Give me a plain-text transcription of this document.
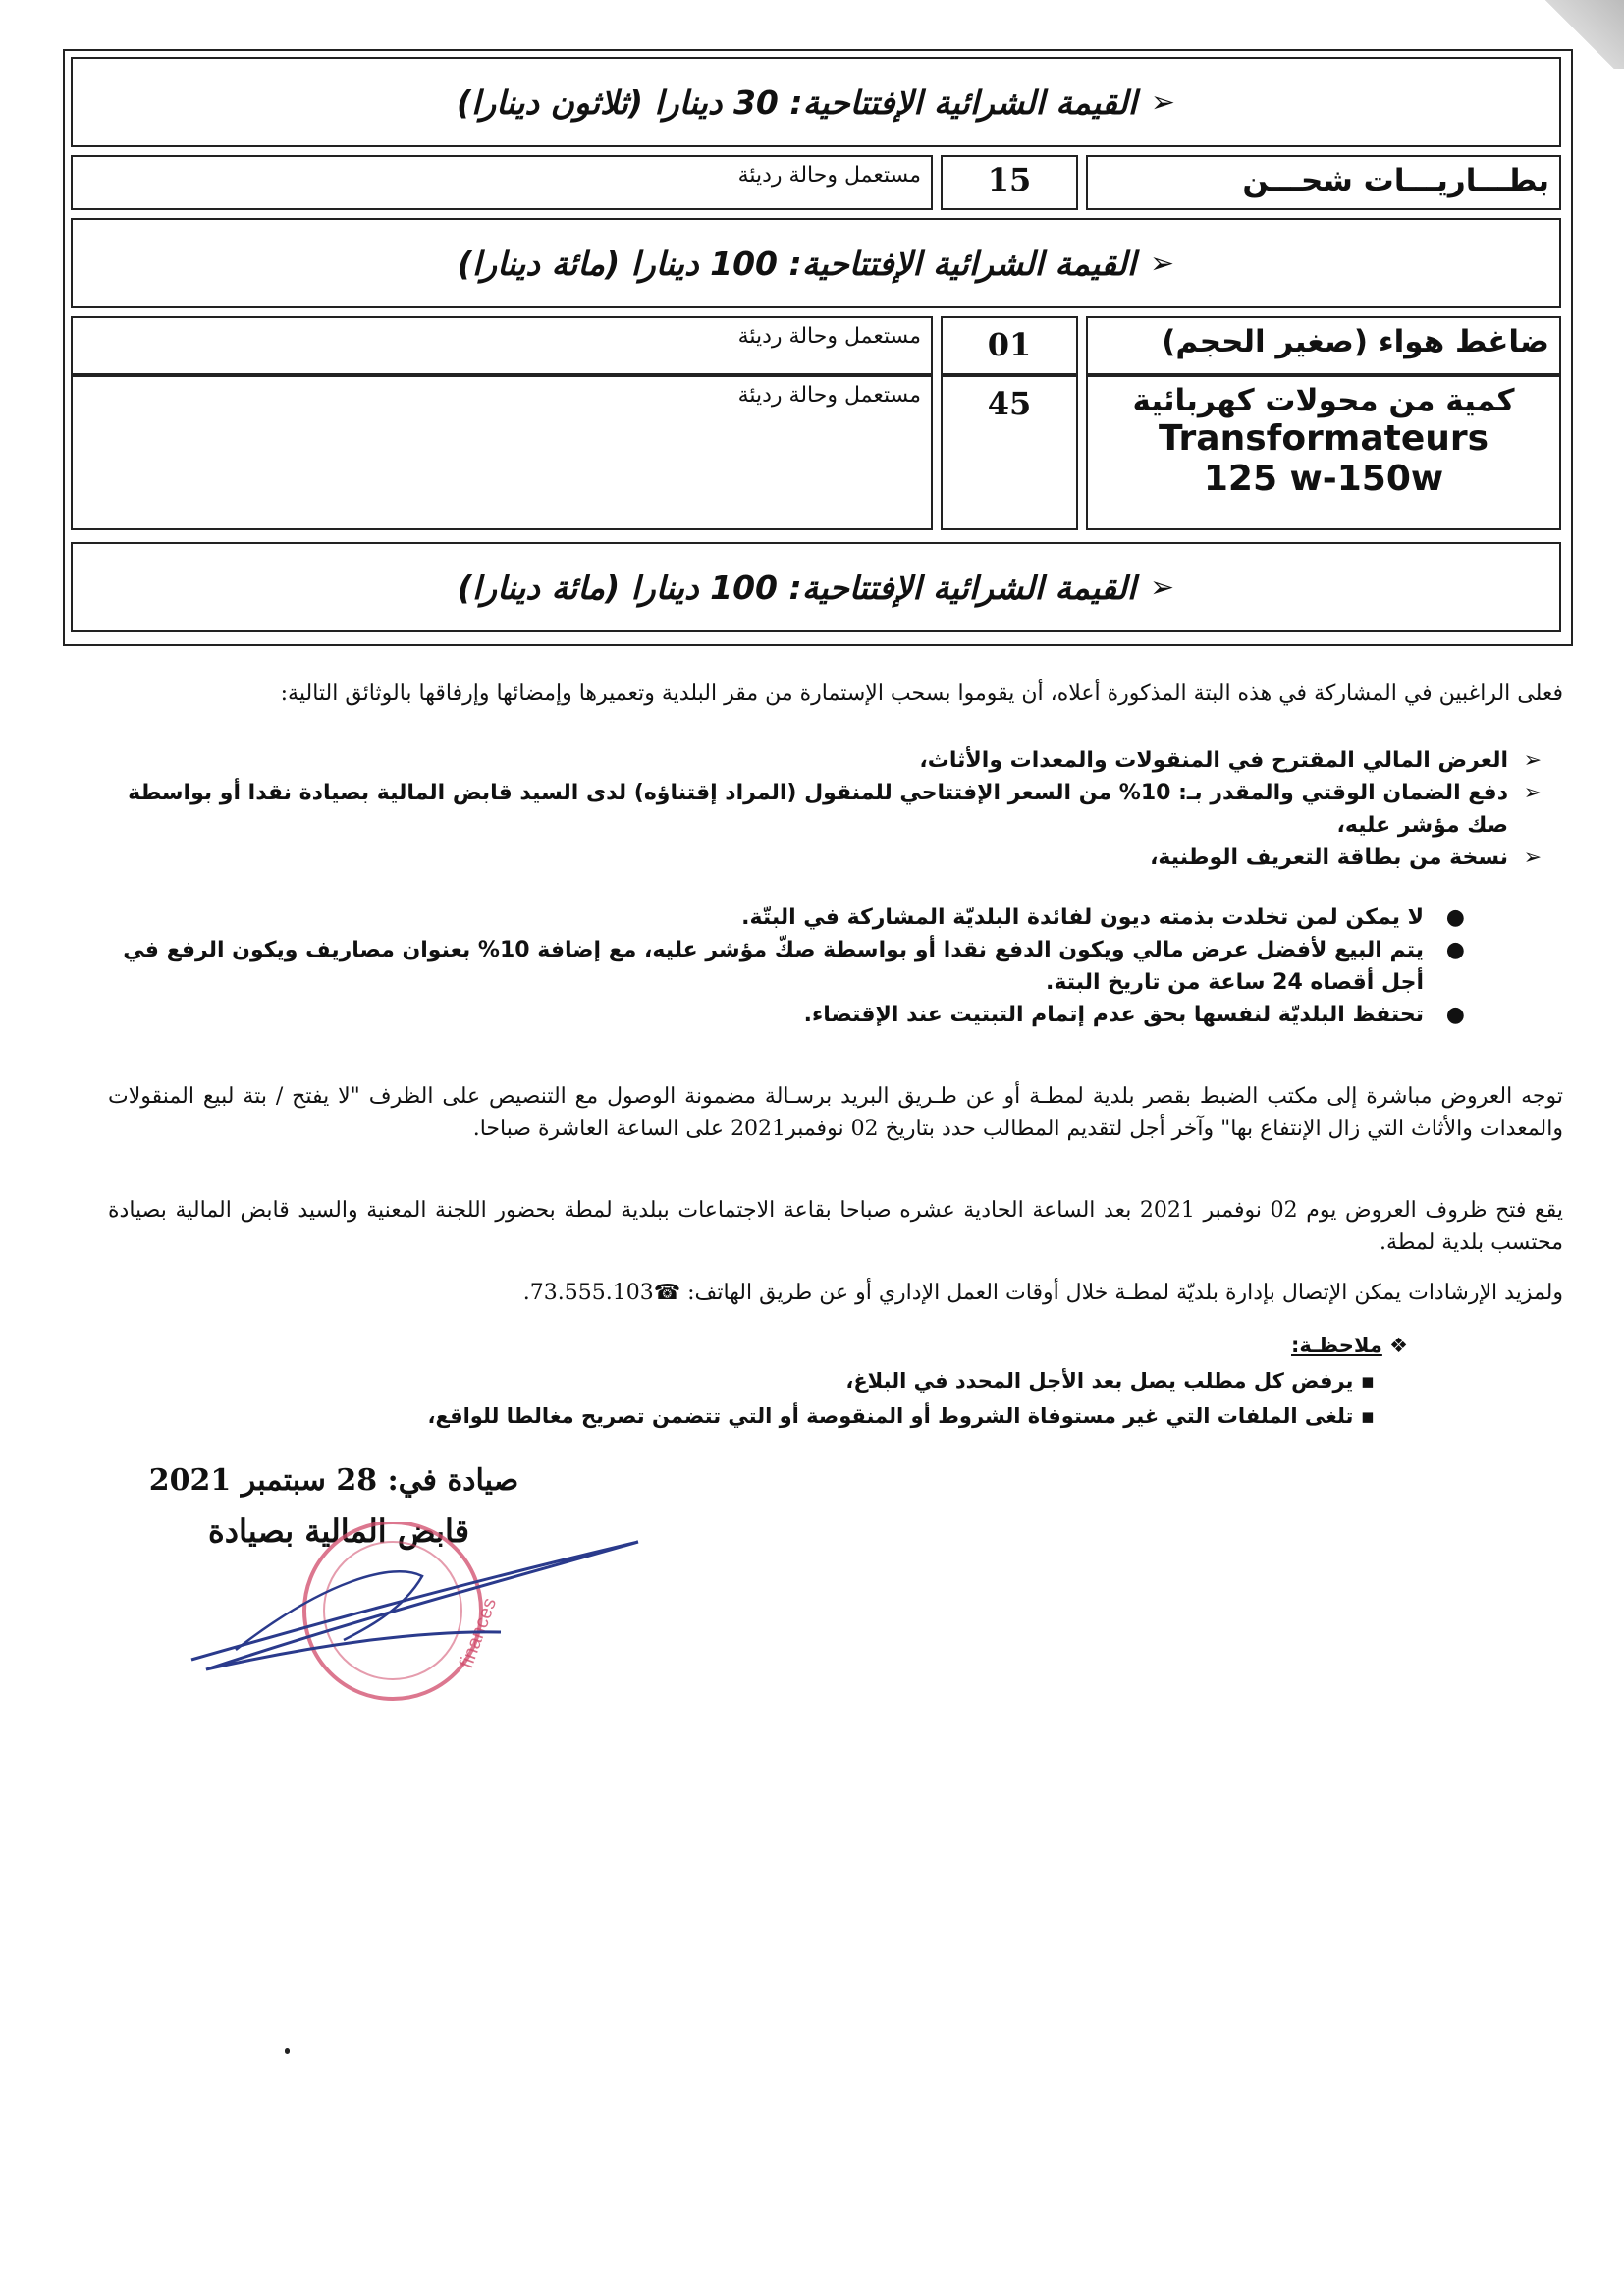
➢
القيمة الشرائية الإفتتاحية: 30 دينارا (ثلاثون دينارا)
بطـــاريـــات شحـــن
15
مستعمل وحالة رديئة
➢
القيمة الشرائية الإفتتاحية: 100 دينارا (مائة دينارا)
ضاغط هواء (صغير الحجم)
01
مستعمل وحالة رديئة
كمية من محولات كهربائية
Transformateurs
125 w-150w
45
مستعمل وحالة رديئة
➢
القيمة الشرائية الإفتتاحية: 100 دينارا (مائة دينارا)
فعلى الراغبين في المشاركة في هذه البتة المذكورة أعلاه، أن يقوموا بسحب الإستمارة من مقر البلدية وتعميرها وإمضائها وإرفاقها بالوثائق التالية:
➢
العرض المالي المقترح في المنقولات والمعدات والأثاث،
➢
دفع الضمان الوقتي والمقدر بـ: 10% من السعر الإفتتاحي للمنقول (المراد إقتناؤه) لدى السيد قابض المالية بصيادة نقدا أو بواسطة صك مؤشر عليه،
➢
نسخة من بطاقة التعريف الوطنية،
●
لا يمكن لمن تخلدت بذمته ديون لفائدة البلديّة المشاركة في البتّة.
●
يتم البيع لأفضل عرض مالي ويكون الدفع نقدا أو بواسطة صكّ مؤشر عليه، مع إضافة 10% بعنوان مصاريف ويكون الرفع في أجل أقصاه 24 ساعة من تاريخ البتة.
●
تحتفظ البلديّة لنفسها بحق عدم إتمام التبتيت عند الإقتضاء.
توجه العروض مباشرة إلى مكتب الضبط بقصر بلدية لمطـة أو عن طـريق البريد برسـالة مضمونة الوصول مع التنصيص على الظرف "لا يفتح / بتة لبيع المنقولات والمعدات والأثاث التي زال الإنتفاع بها" وآخر أجل لتقديم المطالب حدد بتاريخ 02 نوفمبر2021 على الساعة العاشرة صباحا.
يقع فتح ظروف العروض يوم 02 نوفمبر 2021 بعد الساعة الحادية عشره صباحا بقاعة الاجتماعات ببلدية لمطة بحضور اللجنة المعنية والسيد قابض المالية بصيادة محتسب بلدية لمطة.
ولمزيد الإرشادات يمكن الإتصال بإدارة بلديّة لمطـة خلال أوقات العمل الإداري أو عن طريق الهاتف: ☎73.555.103.
❖ ملاحظـة:
▪ يرفض كل مطلب يصل بعد الأجل المحدد في البلاغ،
▪ تلغى الملفات التي غير مستوفاة الشروط أو المنقوصة أو التي تتضمن تصريح مغالطا للواقع،
صيادة في: 28 سبتمبر 2021
قابض المالية بصيادة
finances
